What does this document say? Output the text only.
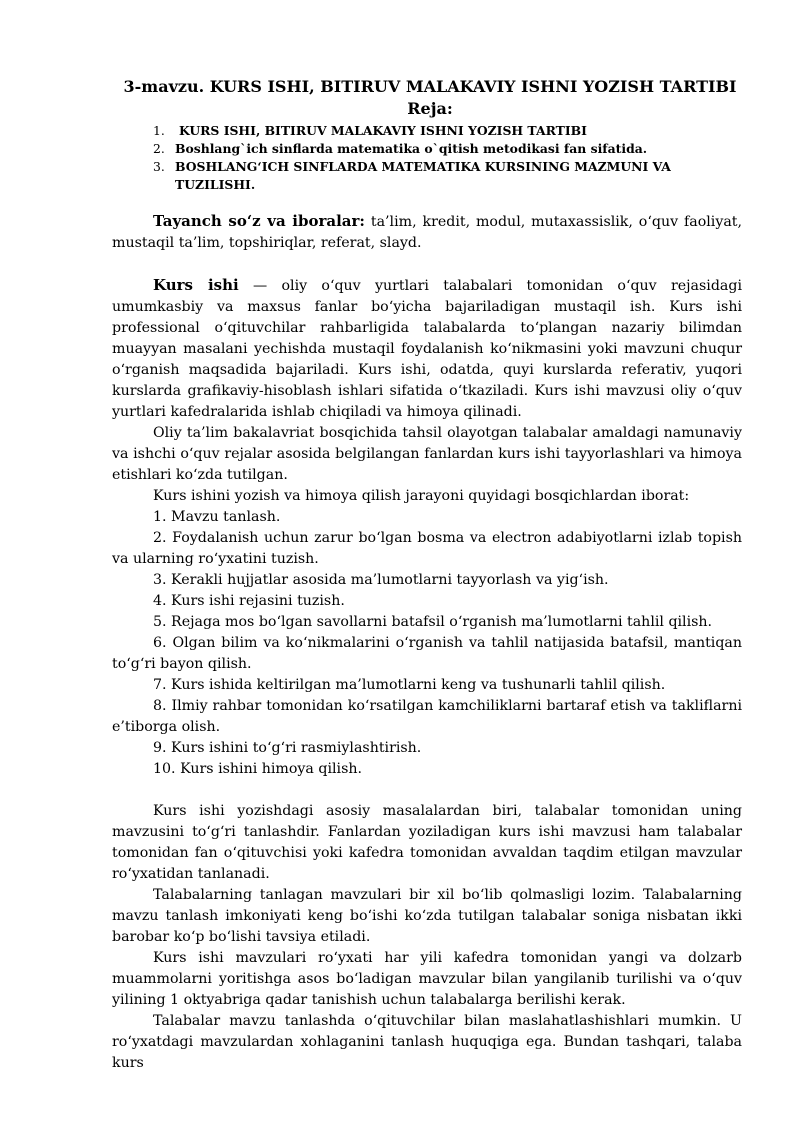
3-mavzu. KURS ISHI, BITIRUV MALAKAVIY ISHNI YOZISH TARTIBI
Reja:
1. KURS ISHI, BITIRUV MALAKAVIY ISHNI YOZISH TARTIBI
2. Boshlang`ich sinflarda matematika o`qitish metodikasi fan sifatida.
3. BOSHLANG‘ICH SINFLARDA MATEMATIKA KURSINING MAZMUNI VA TUZILISHI.

Tayanch so‘z va iboralar: ta’lim, kredit, modul, mutaxassislik, o‘quv faoliyat, mustaqil ta’lim, topshiriqlar, referat, slayd.

Kurs ishi — oliy o‘quv yurtlari talabalari tomonidan o‘quv rejasidagi umumkasbiy va maxsus fanlar bo‘yicha bajariladigan mustaqil ish. Kurs ishi professional o‘qituvchilar rahbarligida talabalarda to‘plangan nazariy bilimdan muayyan masalani yechishda mustaqil foydalanish ko‘nikmasini yoki mavzuni chuqur o‘rganish maqsadida bajariladi. Kurs ishi, odatda, quyi kurslarda referativ, yuqori kurslarda grafikaviy-hisoblash ishlari sifatida o‘tkaziladi. Kurs ishi mavzusi oliy o‘quv yurtlari kafedralarida ishlab chiqiladi va himoya qilinadi.

Oliy ta’lim bakalavriat bosqichida tahsil olayotgan talabalar amaldagi namunaviy va ishchi o‘quv rejalar asosida belgilangan fanlardan kurs ishi tayyorlashlari va himoya etishlari ko‘zda tutilgan.

Kurs ishini yozish va himoya qilish jarayoni quyidagi bosqichlardan iborat:

1. Mavzu tanlash.

2. Foydalanish uchun zarur bo‘lgan bosma va electron adabiyotlarni izlab topish va ularning ro‘yxatini tuzish.

3. Kerakli hujjatlar asosida ma’lumotlarni tayyorlash va yig‘ish.

4. Kurs ishi rejasini tuzish.

5. Rejaga mos bo‘lgan savollarni batafsil o‘rganish ma’lumotlarni tahlil qilish.

6. Olgan bilim va ko‘nikmalarini o‘rganish va tahlil natijasida batafsil, mantiqan to‘g‘ri bayon qilish.

7. Kurs ishida keltirilgan ma’lumotlarni keng va tushunarli tahlil qilish.

8. Ilmiy rahbar tomonidan ko‘rsatilgan kamchiliklarni bartaraf etish va takliflarni e’tiborga olish.

9. Kurs ishini to‘g‘ri rasmiylashtirish.

10. Kurs ishini himoya qilish.

Kurs ishi yozishdagi asosiy masalalardan biri, talabalar tomonidan uning mavzusini to‘g‘ri tanlashdir. Fanlardan yoziladigan kurs ishi mavzusi ham talabalar tomonidan fan o‘qituvchisi yoki kafedra tomonidan avvaldan taqdim etilgan mavzular ro‘yxatidan tanlanadi.

Talabalarning tanlagan mavzulari bir xil bo‘lib qolmasligi lozim. Talabalarning mavzu tanlash imkoniyati keng bo‘ishi ko‘zda tutilgan talabalar soniga nisbatan ikki barobar ko‘p bo‘lishi tavsiya etiladi.

Kurs ishi mavzulari ro‘yxati har yili kafedra tomonidan yangi va dolzarb muammolarni yoritishga asos bo‘ladigan mavzular bilan yangilanib turilishi va o‘quv yilining 1 oktyabriga qadar tanishish uchun talabalarga berilishi kerak.

Talabalar mavzu tanlashda o‘qituvchilar bilan maslahatlashishlari mumkin. U ro‘yxatdagi mavzulardan xohlaganini tanlash huquqiga ega. Bundan tashqari, talaba kurs
